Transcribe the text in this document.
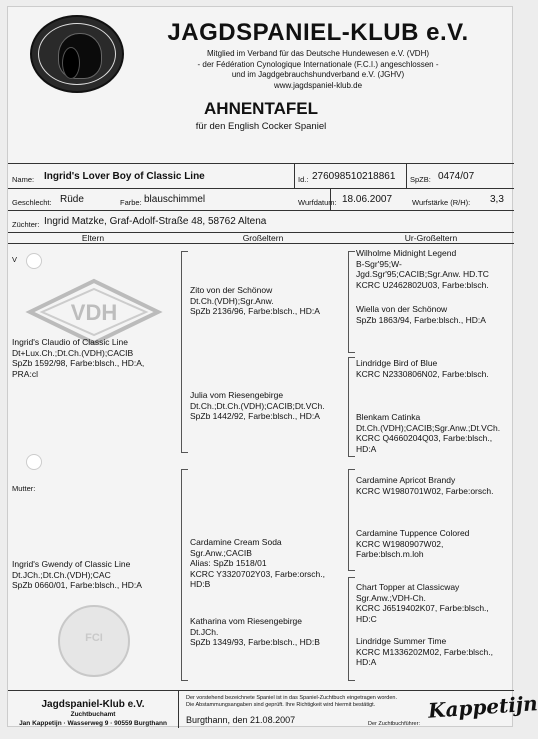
JAGDSPANIEL-KLUB e.V.
Mitglied im Verband für das Deutsche Hundewesen e.V. (VDH)
- der Fédération Cynologique Internationale (F.C.I.) angeschlossen -
und im Jagdgebrauchshundverband e.V. (JGHV)
www.jagdspaniel-klub.de
AHNENTAFEL
für den English Cocker Spaniel
Name: Ingrid's Lover Boy of Classic Line	Id.: 276098510218861 SpZB: 0474/07
Geschlecht: Rüde	Farbe: blauschimmel	Wurfdatum: 18.06.2007	Wurfstärke (R/H): 3,3
Züchter: Ingrid Matzke, Graf-Adolf-Straße 48, 58762 Altena
Eltern	Großeltern	Ur-Großeltern
V
Mutter:
VDH
FCI
Ingrid's Claudio of Classic Line
Dt+Lux.Ch.;Dt.Ch.(VDH);CACIB
SpZb 1592/98, Farbe:blsch., HD:A,
PRA:cl
Ingrid's Gwendy of Classic Line
Dt.JCh.;Dt.Ch.(VDH);CAC
SpZb 0660/01, Farbe:blsch., HD:A
Zito von der Schönow
Dt.Ch.(VDH);Sgr.Anw.
SpZb 2136/96, Farbe:blsch., HD:A
Julia vom Riesengebirge
Dt.Ch.;Dt.Ch.(VDH);CACIB;Dt.VCh.
SpZb 1442/92, Farbe:blsch., HD:A
Cardamine Cream Soda
Sgr.Anw.;CACIB
Alias: SpZb 1518/01
KCRC Y3320702Y03, Farbe:orsch.,
HD:B
Katharina vom Riesengebirge
Dt.JCh.
SpZb 1349/93, Farbe:blsch., HD:B
Wilholme Midnight Legend
B-Sgr'95;W-
Jgd.Sgr'95;CACIB;Sgr.Anw. HD.TC
KCRC U2462802U03, Farbe:blsch.
Wiella von der Schönow
SpZb 1863/94, Farbe:blsch., HD:A
Lindridge Bird of Blue
KCRC N2330806N02, Farbe:blsch.
Blenkam Catinka
Dt.Ch.(VDH);CACIB;Sgr.Anw.;Dt.VCh.
KCRC Q4660204Q03, Farbe:blsch.,
HD:A
Cardamine Apricot Brandy
KCRC W1980701W02, Farbe:orsch.
Cardamine Tuppence Colored
KCRC W1980907W02,
Farbe:blsch.m.loh
Chart Topper at Classicway
Sgr.Anw.;VDH-Ch.
KCRC J6519402K07, Farbe:blsch.,
HD:C
Lindridge Summer Time
KCRC M1336202M02, Farbe:blsch.,
HD:A
Jagdspaniel-Klub e.V.
Zuchtbuchamt
Jan Kappetijn · Wasserweg 9 · 90559 Burgthann
Der vorstehend bezeichnete Spaniel ist in das Spaniel-Zuchtbuch eingetragen worden.
Die Abstammungsangaben sind geprüft. Ihre Richtigkeit wird hiermit bestätigt.
Burgthann, den 21.08.2007	Der Zuchtbuchführer:
Kappetijn
